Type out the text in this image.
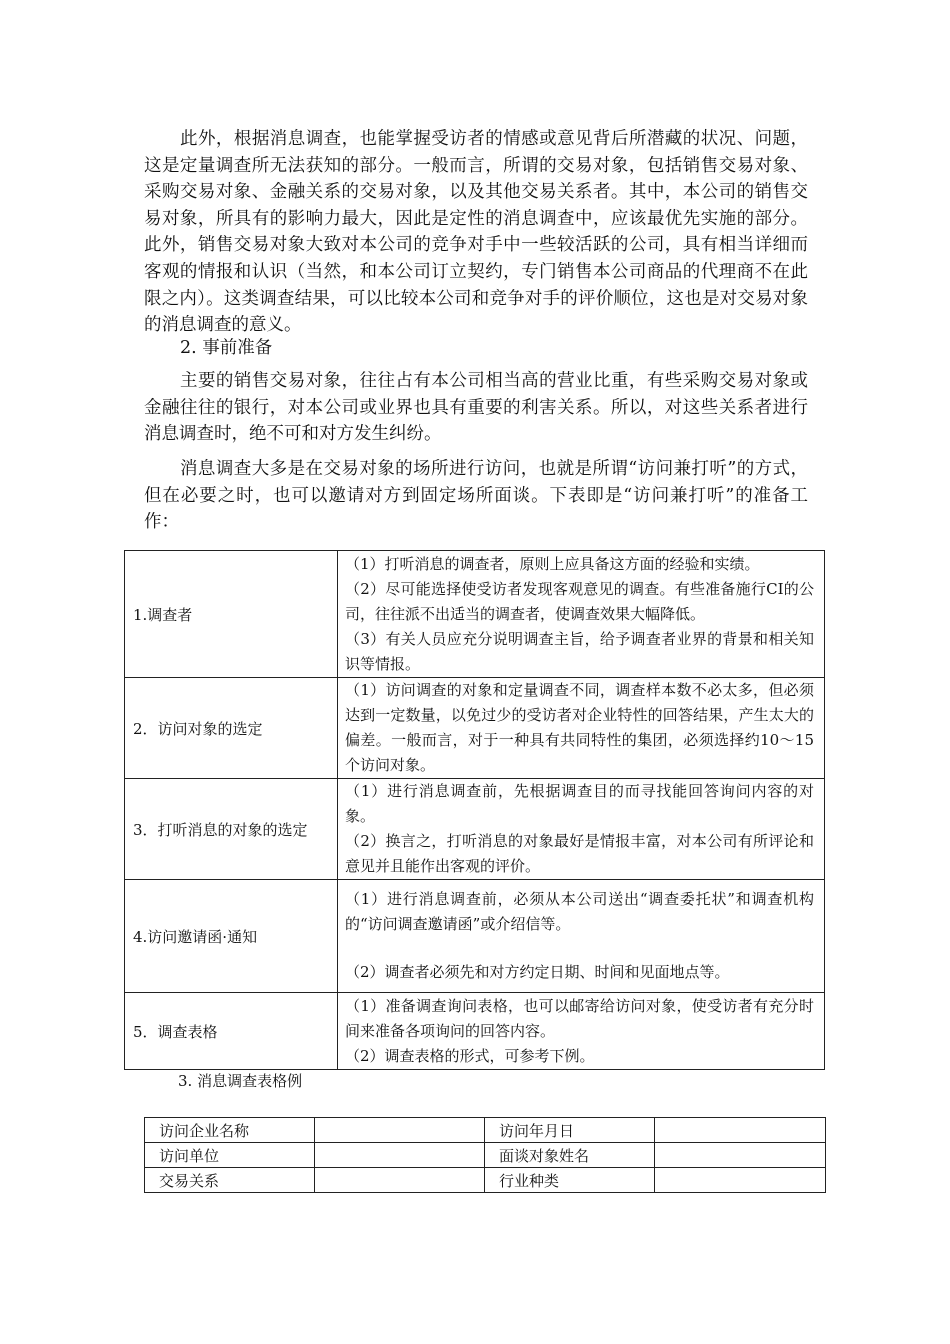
此外，根据消息调查，也能掌握受访者的情感或意见背后所潜藏的状况、问题，这是定量调查所无法获知的部分。一般而言，所谓的交易对象，包括销售交易对象、采购交易对象、金融关系的交易对象，以及其他交易关系者。其中，本公司的销售交易对象，所具有的影响力最大，因此是定性的消息调查中，应该最优先实施的部分。此外，销售交易对象大致对本公司的竞争对手中一些较活跃的公司，具有相当详细而客观的情报和认识（当然，和本公司订立契约，专门销售本公司商品的代理商不在此限之内）。这类调查结果，可以比较本公司和竞争对手的评价顺位，这也是对交易对象的消息调查的意义。

2. 事前准备

主要的销售交易对象，往往占有本公司相当高的营业比重，有些采购交易对象或金融往往的银行，对本公司或业界也具有重要的利害关系。所以，对这些关系者进行消息调查时，绝不可和对方发生纠纷。

消息调查大多是在交易对象的场所进行访问，也就是所谓“访问兼打听”的方式，但在必要之时，也可以邀请对方到固定场所面谈。下表即是“访问兼打听”的准备工作：

1.调查者	（1）打听消息的调查者，原则上应具备这方面的经验和实绩。
（2）尽可能选择使受访者发现客观意见的调查。有些准备施行CI的公司，往往派不出适当的调查者，使调查效果大幅降低。
（3）有关人员应充分说明调查主旨，给予调查者业界的背景和相关知识等情报。

2．访问对象的选定	（1）访问调查的对象和定量调查不同，调查样本数不必太多，但必须达到一定数量，以免过少的受访者对企业特性的回答结果，产生太大的偏差。一般而言，对于一种具有共同特性的集团，必须选择约10～15个访问对象。

3．打听消息的对象的选定	（1）进行消息调查前，先根据调查目的而寻找能回答询问内容的对象。
（2）换言之，打听消息的对象最好是情报丰富，对本公司有所评论和意见并且能作出客观的评价。

4.访问邀请函·通知	（1）进行消息调查前，必须从本公司送出“调查委托状”和调查机构的“访问调查邀请函”或介绍信等。
（2）调查者必须先和对方约定日期、时间和见面地点等。

5．调查表格	（1）准备调查询问表格，也可以邮寄给访问对象，使受访者有充分时间来准备各项询问的回答内容。
（2）调查表格的形式，可参考下例。

3. 消息调查表格例

访问企业名称		访问年月日	
访问单位		面谈对象姓名	
交易关系		行业种类	
